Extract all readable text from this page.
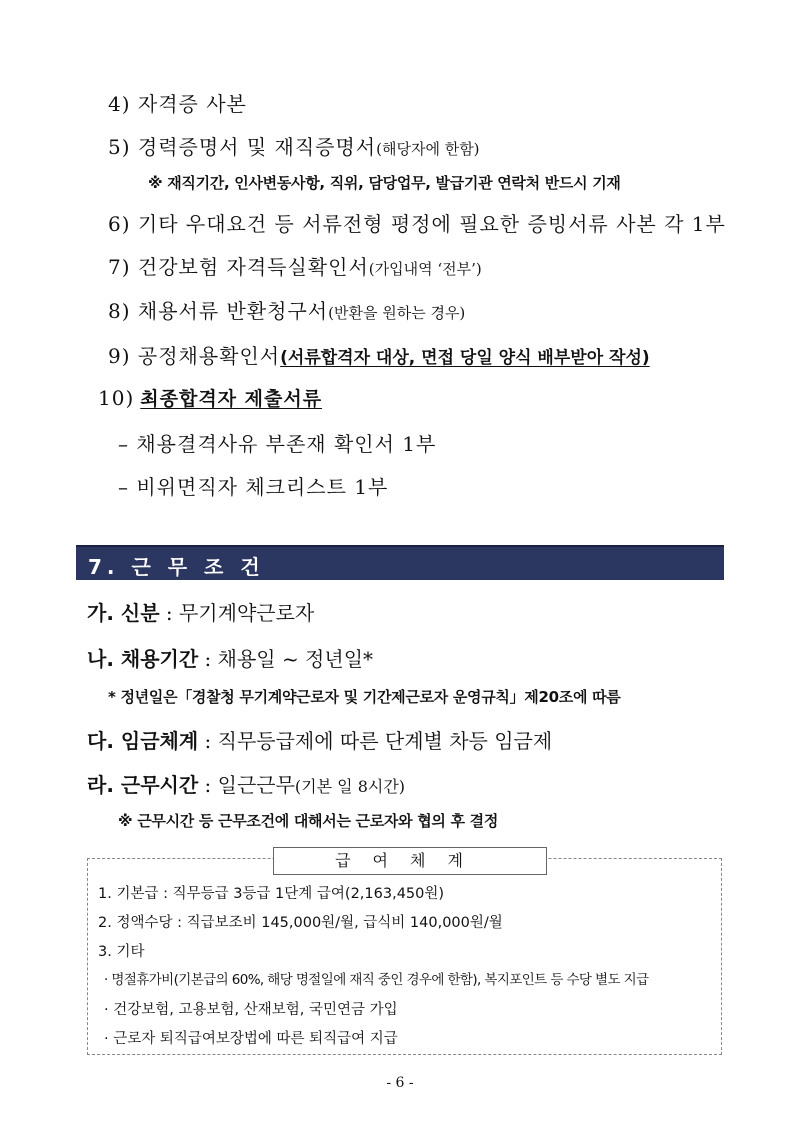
4) 자격증 사본
5) 경력증명서 및 재직증명서(해당자에 한함)
※ 재직기간, 인사변동사항, 직위, 담당업무, 발급기관 연락처 반드시 기재
6) 기타 우대요건 등 서류전형 평정에 필요한 증빙서류 사본 각 1부
7) 건강보험 자격득실확인서(가입내역 ‘전부’)
8) 채용서류 반환청구서(반환을 원하는 경우)
9) 공정채용확인서(서류합격자 대상, 면접 당일 양식 배부받아 작성)
10) 최종합격자 제출서류
– 채용결격사유 부존재 확인서 1부
– 비위면직자 체크리스트 1부
7. 근 무 조 건
가. 신분 : 무기계약근로자
나. 채용기간 : 채용일 ~ 정년일*
* 정년일은「경찰청 무기계약근로자 및 기간제근로자 운영규칙」제20조에 따름
다. 임금체계 : 직무등급제에 따른 단계별 차등 임금제
라. 근무시간 : 일근근무(기본 일 8시간)
※ 근무시간 등 근무조건에 대해서는 근로자와 협의 후 결정
급여체계
1. 기본급 : 직무등급 3등급 1단계 급여(2,163,450원)
2. 정액수당 : 직급보조비 145,000원/월, 급식비 140,000원/월
3. 기타
· 명절휴가비(기본급의 60%, 해당 명절일에 재직 중인 경우에 한함), 복지포인트 등 수당 별도 지급
· 건강보험, 고용보험, 산재보험, 국민연금 가입
· 근로자 퇴직급여보장법에 따른 퇴직급여 지급
- 6 -
